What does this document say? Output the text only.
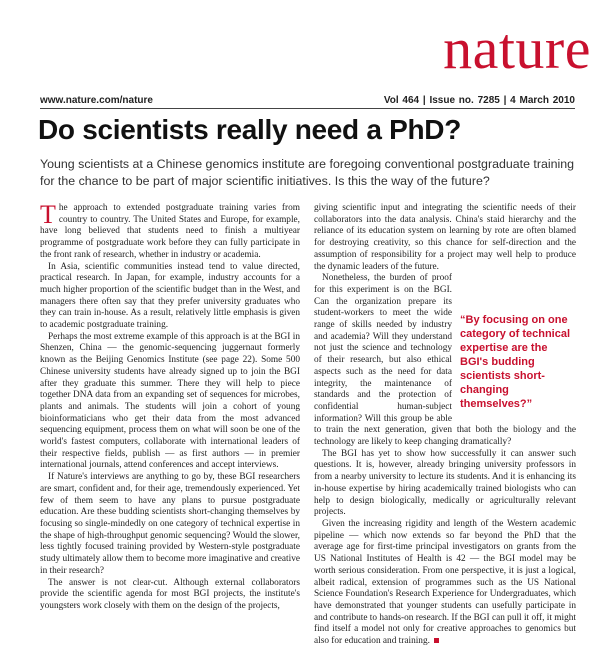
nature
www.nature.com/nature	Vol 464 | Issue no. 7285 | 4 March 2010
Do scientists really need a PhD?
Young scientists at a Chinese genomics institute are foregoing conventional postgraduate training for the chance to be part of major scientific initiatives. Is this the way of the future?

The approach to extended postgraduate training varies from country to country. The United States and Europe, for example, have long believed that students need to finish a multiyear programme of postgraduate work before they can fully participate in the front rank of research, whether in industry or academia.

In Asia, scientific communities instead tend to value directed, practical research. In Japan, for example, industry accounts for a much higher proportion of the scientific budget than in the West, and managers there often say that they prefer university graduates who they can train in-house. As a result, relatively little emphasis is given to academic postgraduate training.

Perhaps the most extreme example of this approach is at the BGI in Shenzen, China — the genomic-sequencing juggernaut formerly known as the Beijing Genomics Institute (see page 22). Some 500 Chinese university students have already signed up to join the BGI after they graduate this summer. There they will help to piece together DNA data from an expanding set of sequences for microbes, plants and animals. The students will join a cohort of young bioinformaticians who get their data from the most advanced sequencing equipment, process them on what will soon be one of the world's fastest computers, collaborate with international leaders of their respective fields, publish — as first authors — in premier international journals, attend conferences and accept interviews.

If Nature's interviews are anything to go by, these BGI researchers are smart, confident and, for their age, tremendously experienced. Yet few of them seem to have any plans to pursue postgraduate education. Are these budding scientists short-changing themselves by focusing so single-mindedly on one category of technical expertise in the shape of high-throughput genomic sequencing? Would the slower, less tightly focused training provided by Western-style postgraduate study ultimately allow them to become more imaginative and creative in their research?

The answer is not clear-cut. Although external collaborators provide the scientific agenda for most BGI projects, the institute's youngsters work closely with them on the design of the projects,

giving scientific input and integrating the scientific needs of their collaborators into the data analysis. China's staid hierarchy and the reliance of its education system on learning by rote are often blamed for destroying creativity, so this chance for self-direction and the assumption of responsibility for a project may well help to produce the dynamic leaders of the future.

“By focusing on one category of technical expertise are the BGI's budding scientists short-changing themselves?”

Nonetheless, the burden of proof for this experiment is on the BGI. Can the organization prepare its student-workers to meet the wide range of skills needed by industry and academia? Will they understand not just the science and technology of their research, but also ethical aspects such as the need for data integrity, the maintenance of standards and the protection of confidential human-subject information? Will this group be able to train the next generation, given that both the biology and the technology are likely to keep changing dramatically?

The BGI has yet to show how successfully it can answer such questions. It is, however, already bringing university professors in from a nearby university to lecture its students. And it is enhancing its in-house expertise by hiring academically trained biologists who can help to design biologically, medically or agriculturally relevant projects.

Given the increasing rigidity and length of the Western academic pipeline — which now extends so far beyond the PhD that the average age for first-time principal investigators on grants from the US National Institutes of Health is 42 — the BGI model may be worth serious consideration. From one perspective, it is just a logical, albeit radical, extension of programmes such as the US National Science Foundation's Research Experience for Undergraduates, which have demonstrated that younger students can usefully participate in and contribute to hands-on research. If the BGI can pull it off, it might find itself a model not only for creative approaches to genomics but also for education and training.
